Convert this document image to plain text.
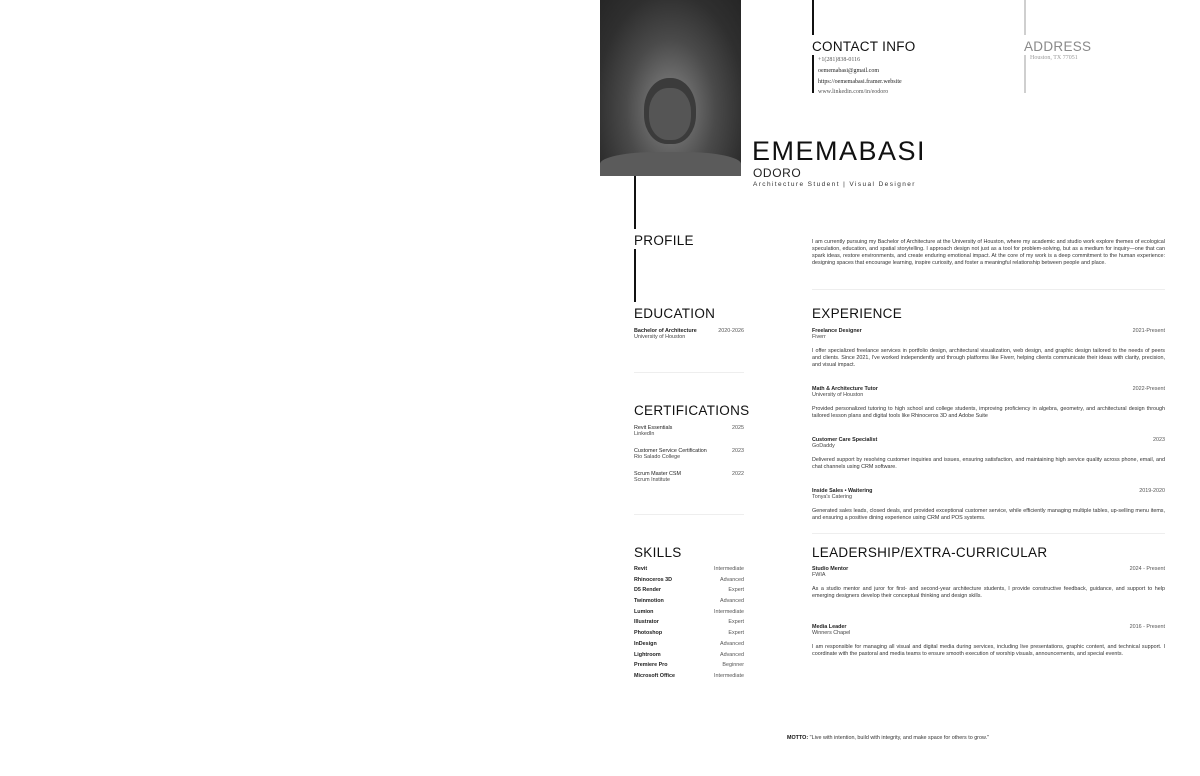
CONTACT INFO
+1(281)838-0116
oememabasi@gmail.com
https://oememabasi.framer.website
www.linkedin.com/in/eodoro
ADDRESS
Houston, TX 77051
EMEMABASI
ODORO
Architecture Student | Visual Designer
PROFILE	I am currently pursuing my Bachelor of Architecture at the University of Houston, where my academic and studio work explore themes of ecological speculation, education, and spatial storytelling. I approach design not just as a tool for problem-solving, but as a medium for inquiry—one that can spark ideas, restore environments, and create enduring emotional impact. At the core of my work is a deep commitment to the human experience: designing spaces that encourage learning, inspire curiosity, and foster a meaningful relationship between people and place.
EDUCATION
Bachelor of Architecture
University of Houston
2020-2026
CERTIFICATIONS
Revit Essentials
LinkedIn
2025
Customer Service Certification
Rio Salado College
2023
Scrum Master CSM
Scrum Institute
2022
SKILLS
Revit	Intermediate
Rhinoceros 3D	Advanced
D5 Render	Expert
Twinmotion	Advanced
Lumion	Intermediate
Illustrator	Expert
Photoshop	Expert
InDesign	Advanced
Lightroom	Advanced
Premiere Pro	Beginner
Microsoft Office	Intermediate
EXPERIENCE
Freelance Designer
Fiverr
2021-Present
I offer specialized freelance services in portfolio design, architectural visualization, web design, and graphic design tailored to the needs of peers and clients. Since 2021, I've worked independently and through platforms like Fiverr, helping clients communicate their ideas with clarity, precision, and visual impact.
Math & Architecture Tutor
University of Houston
2022-Present
Provided personalized tutoring to high school and college students, improving proficiency in algebra, geometry, and architectural design through tailored lesson plans and digital tools like Rhinoceros 3D and Adobe Suite
Customer Care Specialist
GoDaddy
2023
Delivered support by resolving customer inquiries and issues, ensuring satisfaction, and maintaining high service quality across phone, email, and chat channels using CRM software.
Inside Sales • Waitering
Tonya's Catering
2019-2020
Generated sales leads, closed deals, and provided exceptional customer service, while efficiently managing multiple tables, up-selling menu items, and ensuring a positive dining experience using CRM and POS systems.
LEADERSHIP/EXTRA-CURRICULAR
Studio Mentor
FWIA
2024 - Present
As a studio mentor and juror for first- and second-year architecture students, I provide constructive feedback, guidance, and support to help emerging designers develop their conceptual thinking and design skills.
Media Leader
Winners Chapel
2016 - Present
I am responsible for managing all visual and digital media during services, including live presentations, graphic content, and technical support. I coordinate with the pastoral and media teams to ensure smooth execution of worship visuals, announcements, and special events.
MOTTO: "Live with intention, build with integrity, and make space for others to grow."
